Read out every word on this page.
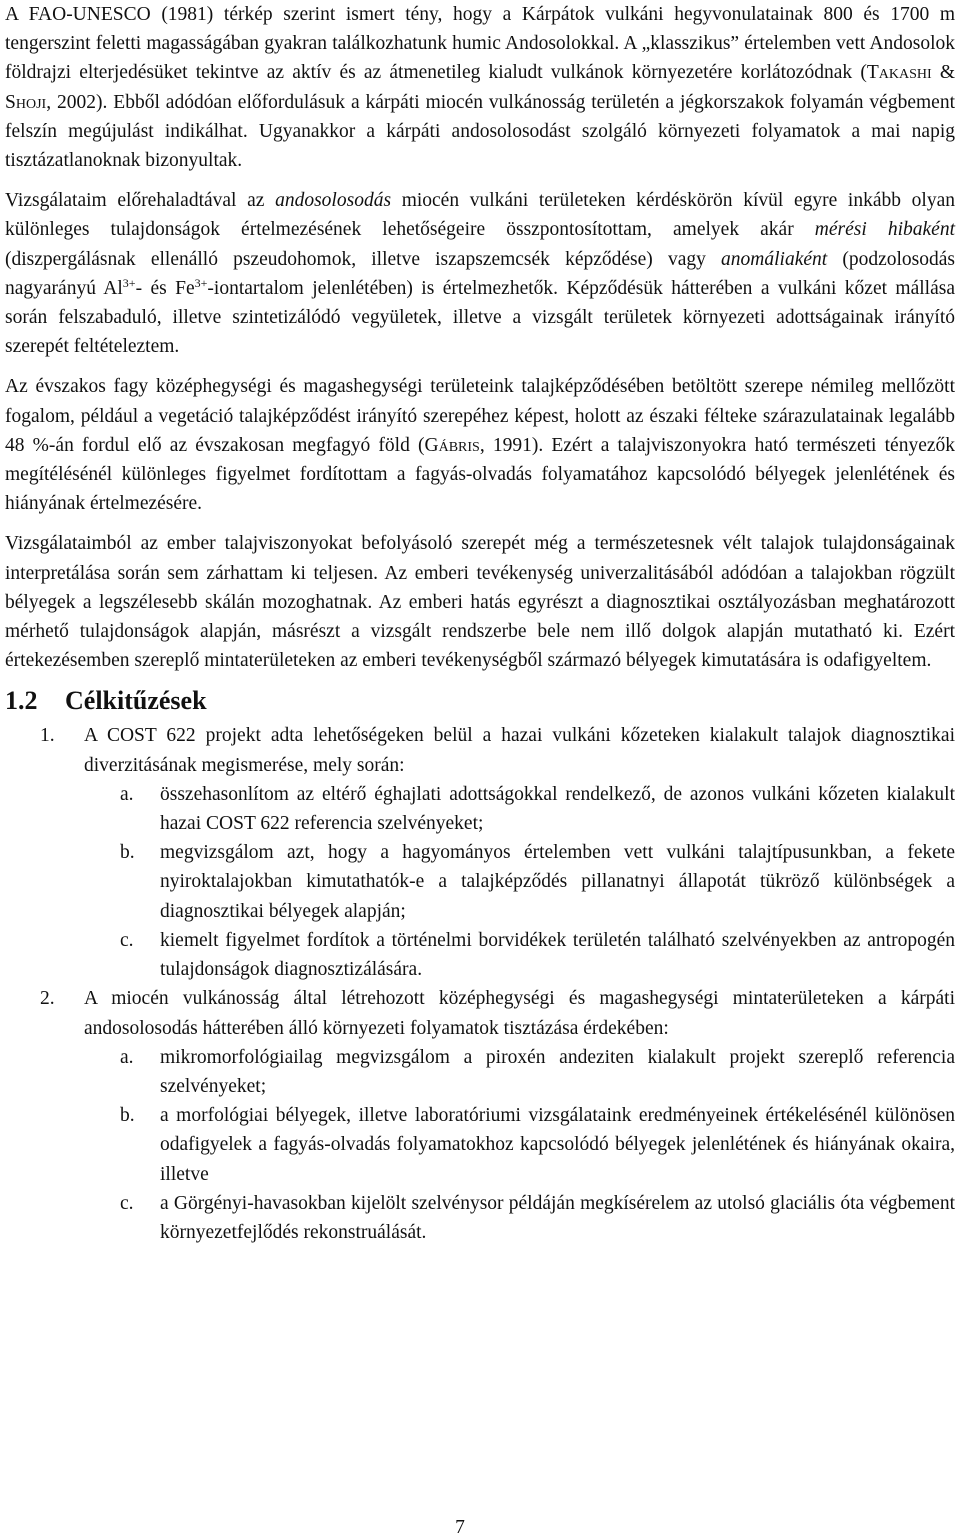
A FAO-UNESCO (1981) térkép szerint ismert tény, hogy a Kárpátok vulkáni hegyvonulatainak 800 és 1700 m tengerszint feletti magasságában gyakran találkozhatunk humic Andosolokkal. A „klasszikus” értelemben vett Andosolok földrajzi elterjedésüket tekintve az aktív és az átmenetileg kialudt vulkánok környezetére korlátozódnak (Takashi & Shoji, 2002). Ebből adódóan előfordulásuk a kárpáti miocén vulkánosság területén a jégkorszakok folyamán végbement felszín megújulást indikálhat. Ugyanakkor a kárpáti andosolosodást szolgáló környezeti folyamatok a mai napig tisztázatlanoknak bizonyultak.

Vizsgálataim előrehaladtával az andosolosodás miocén vulkáni területeken kérdéskörön kívül egyre inkább olyan különleges tulajdonságok értelmezésének lehetőségeire összpontosítottam, amelyek akár mérési hibaként (diszpergálásnak ellenálló pszeudohomok, illetve iszapszemcsék képződése) vagy anomáliaként (podzolosodás nagyarányú $Al^{3+}-$ és $Fe^{3+}$-iontartalom jelenlétében) is értelmezhetők. Képződésük hátterében a vulkáni kőzet mállása során felszabaduló, illetve szintetizálódó vegyületek, illetve a vizsgált területek környezeti adottságainak irányító szerepét feltételeztem.

Az évszakos fagy középhegységi és magashegységi területeink talajképződésében betöltött szerepe némileg mellőzött fogalom, például a vegetáció talajképződést irányító szerepéhez képest, holott az északi félteke szárazulatainak legalább 48 %-án fordul elő az évszakosan megfagyó föld (Gábris, 1991). Ezért a talajviszonyokra ható természeti tényezők megítélésénél különleges figyelmet fordítottam a fagyás-olvadás folyamatához kapcsolódó bélyegek jelenlétének és hiányának értelmezésére.

Vizsgálataimból az ember talajviszonyokat befolyásoló szerepét még a természetesnek vélt talajok tulajdonságainak interpretálása során sem zárhattam ki teljesen. Az emberi tevékenység univerzalitásából adódóan a talajokban rögzült bélyegek a legszélesebb skálán mozoghatnak. Az emberi hatás egyrészt a diagnosztikai osztályozásban meghatározott mérhető tulajdonságok alapján, másrészt a vizsgált rendszerbe bele nem illő dolgok alapján mutatható ki. Ezért értekezésemben szereplő mintaterületeken az emberi tevékenységből származó bélyegek kimutatására is odafigyeltem.

1.2 Célkitűzések
1.	A COST 622 projekt adta lehetőségeken belül a hazai vulkáni kőzeteken kialakult talajok diagnosztikai diverzitásának megismerése, mely során:
a.	összehasonlítom az eltérő éghajlati adottságokkal rendelkező, de azonos vulkáni kőzeten kialakult hazai COST 622 referencia szelvényeket;
b.	megvizsgálom azt, hogy a hagyományos értelemben vett vulkáni talajtípusunkban, a fekete nyiroktalajokban kimutathatók-e a talajképződés pillanatnyi állapotát tükröző különbségek a diagnosztikai bélyegek alapján;
c.	kiemelt figyelmet fordítok a történelmi borvidékek területén található szelvényekben az antropogén tulajdonságok diagnosztizálására.
2.	A miocén vulkánosság által létrehozott középhegységi és magashegységi mintaterületeken a kárpáti andosolosodás hátterében álló környezeti folyamatok tisztázása érdekében:
a.	mikromorfológiailag megvizsgálom a piroxén andeziten kialakult projekt szereplő referencia szelvényeket;
b.	a morfológiai bélyegek, illetve laboratóriumi vizsgálataink eredményeinek értékelésénél különösen odafigyelek a fagyás-olvadás folyamatokhoz kapcsolódó bélyegek jelenlétének és hiányának okaira, illetve
c.	a Görgényi-havasokban kijelölt szelvénysor példáján megkísérelem az utolsó glaciális óta végbement környezetfejlődés rekonstruálását.
7
